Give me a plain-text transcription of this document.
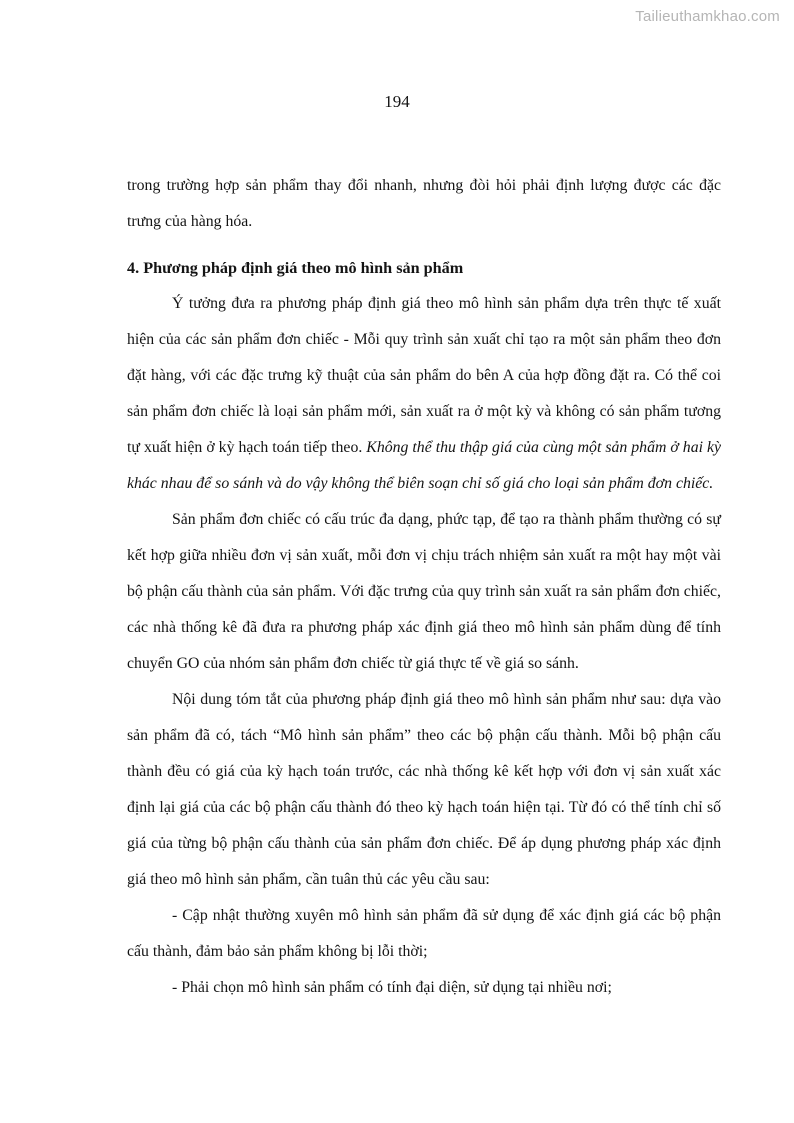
Tailieuthamkhao.com
194

trong trường hợp sản phẩm thay đổi nhanh, nhưng đòi hỏi phải định lượng được các đặc trưng của hàng hóa.

4. Phương pháp định giá theo mô hình sản phẩm

Ý tưởng đưa ra phương pháp định giá theo mô hình sản phẩm dựa trên thực tế xuất hiện của các sản phẩm đơn chiếc - Mỗi quy trình sản xuất chỉ tạo ra một sản phẩm theo đơn đặt hàng, với các đặc trưng kỹ thuật của sản phẩm do bên A của hợp đồng đặt ra. Có thể coi sản phẩm đơn chiếc là loại sản phẩm mới, sản xuất ra ở một kỳ và không có sản phẩm tương tự xuất hiện ở kỳ hạch toán tiếp theo. Không thể thu thập giá của cùng một sản phẩm ở hai kỳ khác nhau để so sánh và do vậy không thể biên soạn chỉ số giá cho loại sản phẩm đơn chiếc.

Sản phẩm đơn chiếc có cấu trúc đa dạng, phức tạp, để tạo ra thành phẩm thường có sự kết hợp giữa nhiều đơn vị sản xuất, mỗi đơn vị chịu trách nhiệm sản xuất ra một hay một vài bộ phận cấu thành của sản phẩm. Với đặc trưng của quy trình sản xuất ra sản phẩm đơn chiếc, các nhà thống kê đã đưa ra phương pháp xác định giá theo mô hình sản phẩm dùng để tính chuyển GO của nhóm sản phẩm đơn chiếc từ giá thực tế về giá so sánh.

Nội dung tóm tắt của phương pháp định giá theo mô hình sản phẩm như sau: dựa vào sản phẩm đã có, tách “Mô hình sản phẩm” theo các bộ phận cấu thành. Mỗi bộ phận cấu thành đều có giá của kỳ hạch toán trước, các nhà thống kê kết hợp với đơn vị sản xuất xác định lại giá của các bộ phận cấu thành đó theo kỳ hạch toán hiện tại. Từ đó có thể tính chỉ số giá của từng bộ phận cấu thành của sản phẩm đơn chiếc. Để áp dụng phương pháp xác định giá theo mô hình sản phẩm, cần tuân thủ các yêu cầu sau:

- Cập nhật thường xuyên mô hình sản phẩm đã sử dụng để xác định giá các bộ phận cấu thành, đảm bảo sản phẩm không bị lỗi thời;

- Phải chọn mô hình sản phẩm có tính đại diện, sử dụng tại nhiều nơi;
